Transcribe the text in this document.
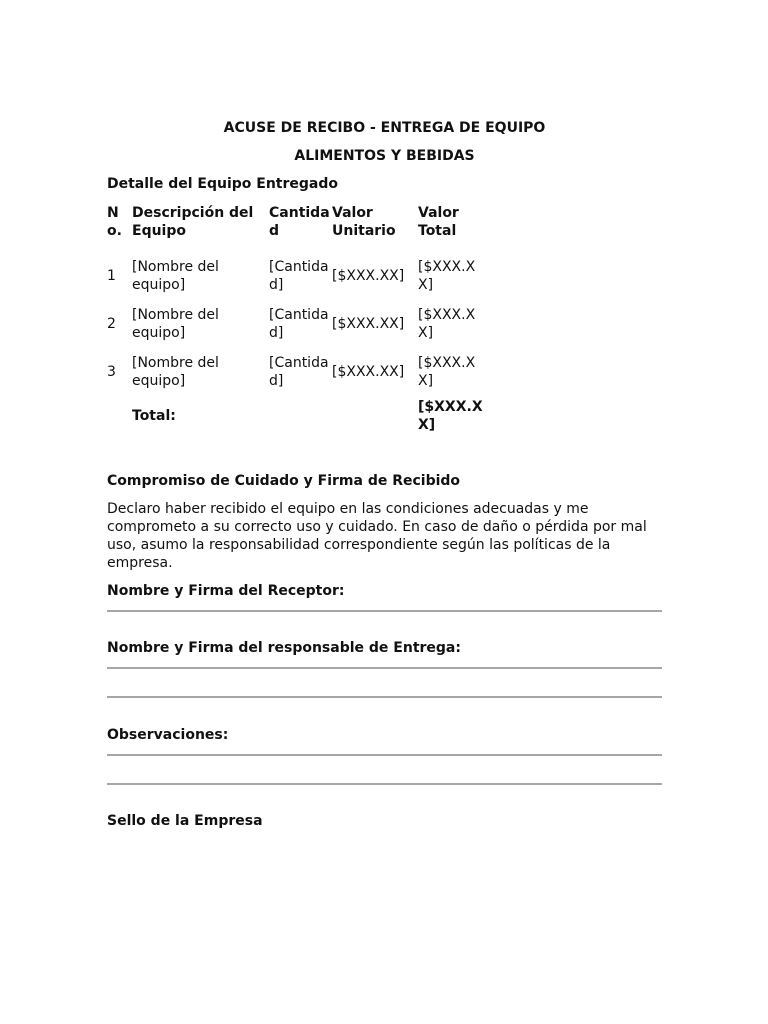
ACUSE DE RECIBO - ENTREGA DE EQUIPO
ALIMENTOS Y BEBIDAS
Detalle del Equipo Entregado
No.	Descripción del Equipo	Cantidad	Valor Unitario	Valor Total
1	[Nombre del equipo]	[Cantidad]	[$XXX.XX]	[$XXX.XX]
2	[Nombre del equipo]	[Cantidad]	[$XXX.XX]	[$XXX.XX]
3	[Nombre del equipo]	[Cantidad]	[$XXX.XX]	[$XXX.XX]
	Total:			[$XXX.XX]
Compromiso de Cuidado y Firma de Recibido

Declaro haber recibido el equipo en las condiciones adecuadas y me comprometo a su correcto uso y cuidado. En caso de daño o pérdida por mal uso, asumo la responsabilidad correspondiente según las políticas de la empresa.

Nombre y Firma del Receptor:
Nombre y Firma del responsable de Entrega:
Observaciones:
Sello de la Empresa
